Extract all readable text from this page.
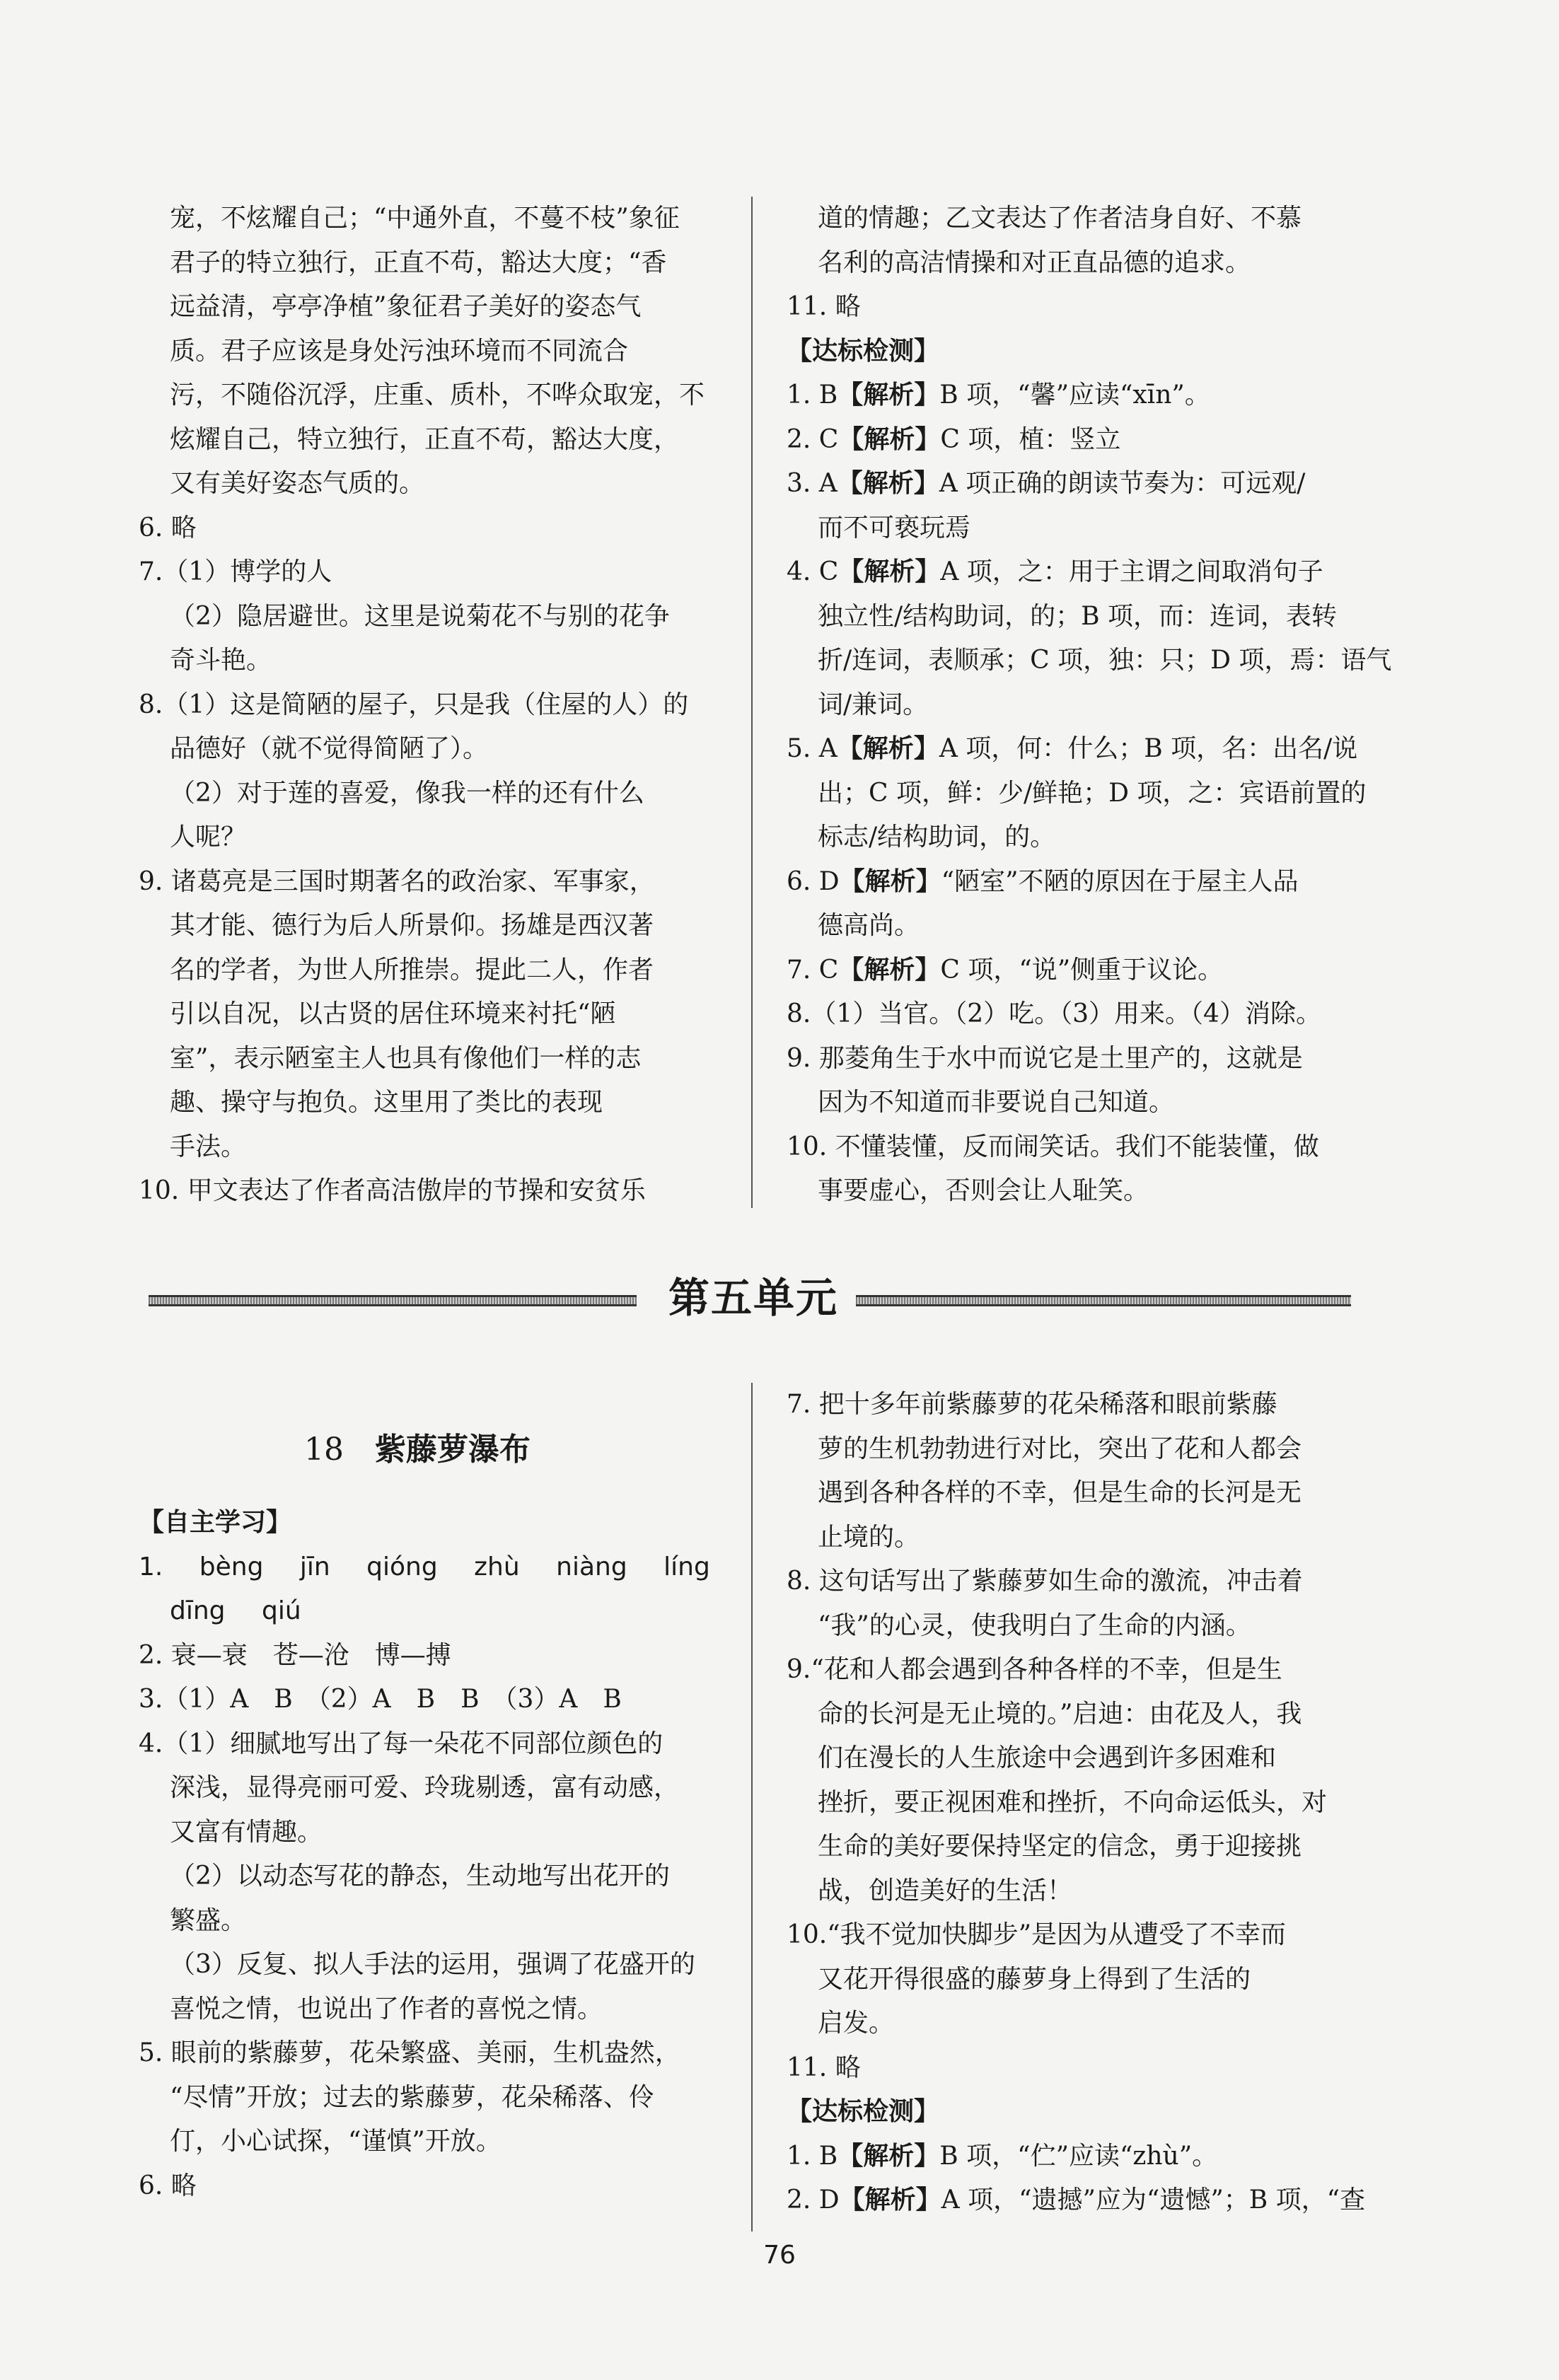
宠，不炫耀自己；“中通外直，不蔓不枝”象征

君子的特立独行，正直不苟，豁达大度；“香

远益清，亭亭净植”象征君子美好的姿态气

质。君子应该是身处污浊环境而不同流合

污，不随俗沉浮，庄重、质朴，不哗众取宠，不

炫耀自己，特立独行，正直不苟，豁达大度，

又有美好姿态气质的。

6. 略

7.（1）博学的人

（2）隐居避世。这里是说菊花不与别的花争

奇斗艳。

8.（1）这是简陋的屋子，只是我（住屋的人）的

品德好（就不觉得简陋了）。

（2）对于莲的喜爱，像我一样的还有什么

人呢？

9. 诸葛亮是三国时期著名的政治家、军事家，

其才能、德行为后人所景仰。扬雄是西汉著

名的学者，为世人所推崇。提此二人，作者

引以自况，以古贤的居住环境来衬托“陋

室”，表示陋室主人也具有像他们一样的志

趣、操守与抱负。这里用了类比的表现

手法。

10. 甲文表达了作者高洁傲岸的节操和安贫乐

道的情趣；乙文表达了作者洁身自好、不慕

名利的高洁情操和对正直品德的追求。

11. 略

【达标检测】

1. B【解析】B 项，“馨”应读“xīn”。

2. C【解析】C 项，植：竖立

3. A【解析】A 项正确的朗读节奏为：可远观/

而不可亵玩焉

4. C【解析】A 项，之：用于主谓之间取消句子

独立性/结构助词，的；B 项，而：连词，表转

折/连词，表顺承；C 项，独：只；D 项，焉：语气

词/兼词。

5. A【解析】A 项，何：什么；B 项，名：出名/说

出；C 项，鲜：少/鲜艳；D 项，之：宾语前置的

标志/结构助词，的。

6. D【解析】“陋室”不陋的原因在于屋主人品

德高尚。

7. C【解析】C 项，“说”侧重于议论。

8.（1）当官。（2）吃。（3）用来。（4）消除。

9. 那菱角生于水中而说它是土里产的，这就是

因为不知道而非要说自己知道。

10. 不懂装懂，反而闹笑话。我们不能装懂，做

事要虚心，否则会让人耻笑。

第五单元
18 紫藤萝瀑布

【自主学习】

1. bèng jīn qióng zhù niàng líng

dīng qiú

2. 衰—衰　苍—沧　博—搏

3.（1）A　B　（2）A　B　B　（3）A　B

4.（1）细腻地写出了每一朵花不同部位颜色的

深浅，显得亮丽可爱、玲珑剔透，富有动感，

又富有情趣。

（2）以动态写花的静态，生动地写出花开的

繁盛。

（3）反复、拟人手法的运用，强调了花盛开的

喜悦之情，也说出了作者的喜悦之情。

5. 眼前的紫藤萝，花朵繁盛、美丽，生机盎然，

“尽情”开放；过去的紫藤萝，花朵稀落、伶

仃，小心试探，“谨慎”开放。

6. 略

7. 把十多年前紫藤萝的花朵稀落和眼前紫藤

萝的生机勃勃进行对比，突出了花和人都会

遇到各种各样的不幸，但是生命的长河是无

止境的。

8. 这句话写出了紫藤萝如生命的激流，冲击着

“我”的心灵，使我明白了生命的内涵。

9.“花和人都会遇到各种各样的不幸，但是生

命的长河是无止境的。”启迪：由花及人，我

们在漫长的人生旅途中会遇到许多困难和

挫折，要正视困难和挫折，不向命运低头，对

生命的美好要保持坚定的信念，勇于迎接挑

战，创造美好的生活！

10.“我不觉加快脚步”是因为从遭受了不幸而

又花开得很盛的藤萝身上得到了生活的

启发。

11. 略

【达标检测】

1. B【解析】B 项，“伫”应读“zhù”。

2. D【解析】A 项，“遗撼”应为“遗憾”；B 项，“查

76
